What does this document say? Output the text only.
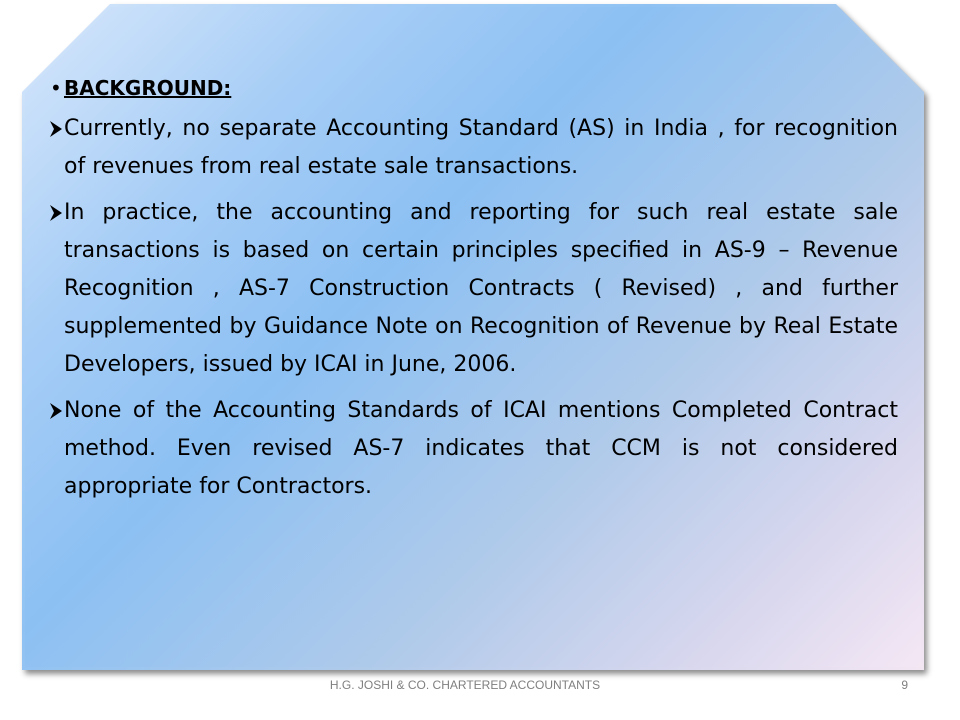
• BACKGROUND:
Currently, no separate Accounting Standard (AS) in India , for recognition of revenues from real estate sale transactions.
In practice, the accounting and reporting for such real estate sale transactions is based on certain principles specified in AS-9 – Revenue Recognition , AS-7 Construction Contracts ( Revised) , and further supplemented by Guidance Note on Recognition of Revenue by Real Estate Developers, issued by ICAI in June, 2006.
None of the Accounting Standards of ICAI mentions Completed Contract method. Even revised AS-7 indicates that CCM is not considered appropriate for Contractors.
H.G. JOSHI & CO. CHARTERED ACCOUNTANTS	9
